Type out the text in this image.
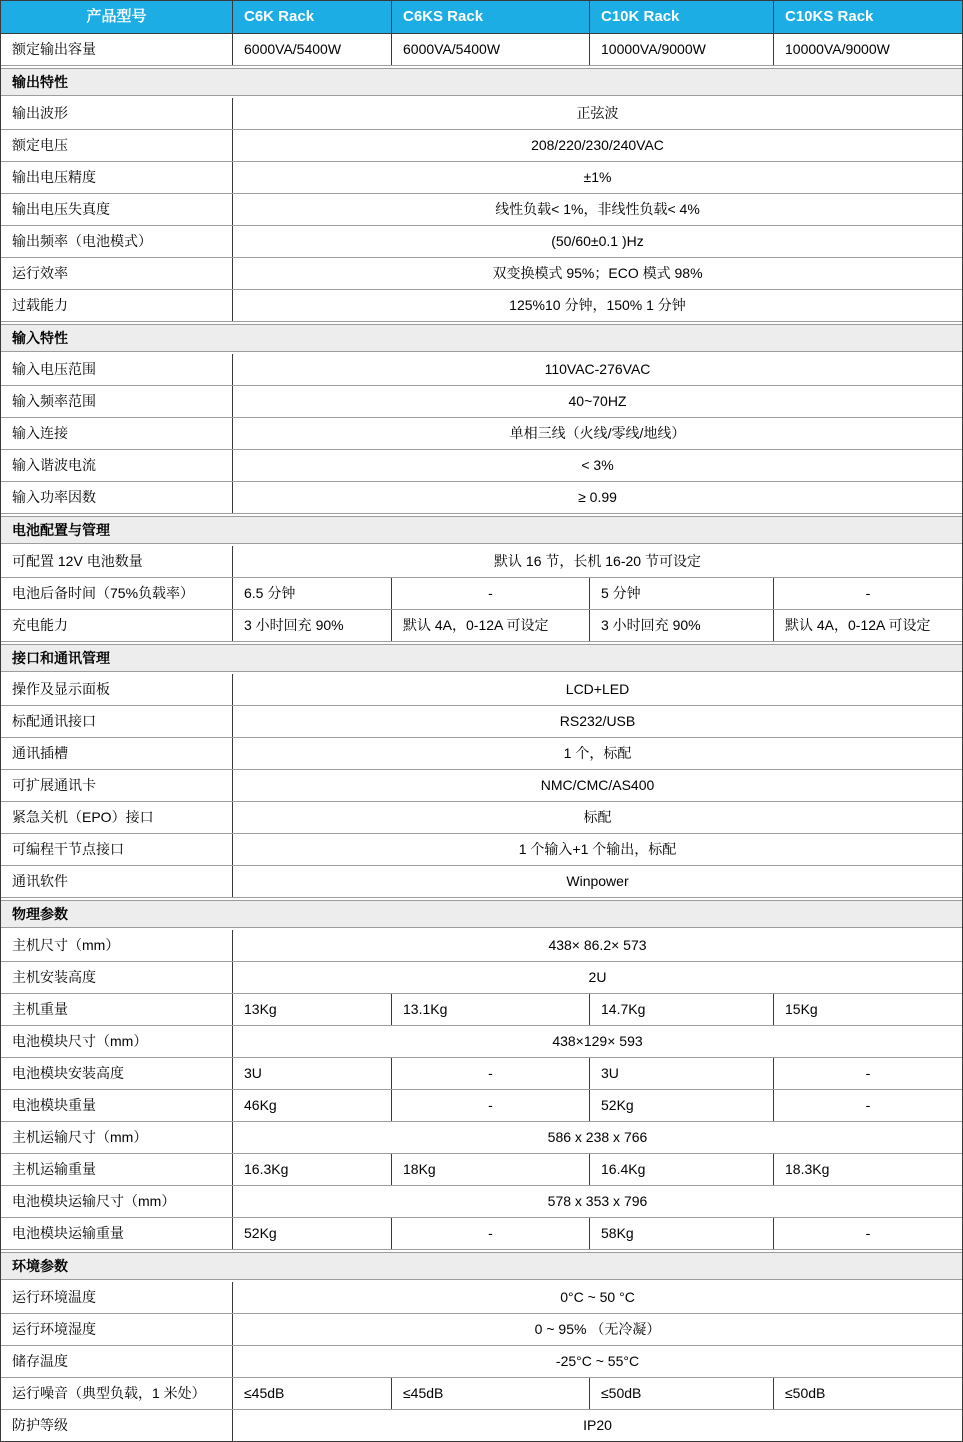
产品型号	C6K Rack	C6KS Rack	C10K Rack	C10KS Rack
额定输出容量	6000VA/5400W	6000VA/5400W	10000VA/9000W	10000VA/9000W
输出特性
输出波形	正弦波
额定电压	208/220/230/240VAC
输出电压精度	±1%
输出电压失真度	线性负载< 1%，非线性负载< 4%
输出频率（电池模式）	(50/60±0.1 )Hz
运行效率	双变换模式 95%；ECO 模式 98%
过载能力	125%10 分钟，150% 1 分钟
输入特性
输入电压范围	110VAC-276VAC
输入频率范围	40~70HZ
输入连接	单相三线（火线/零线/地线）
输入谐波电流	< 3%
输入功率因数	≥ 0.99
电池配置与管理
可配置 12V 电池数量	默认 16 节，长机 16-20 节可设定
电池后备时间（75%负载率）	6.5 分钟	-	5 分钟	-
充电能力	3 小时回充 90%	默认 4A，0-12A 可设定	3 小时回充 90%	默认 4A，0-12A 可设定
接口和通讯管理
操作及显示面板	LCD+LED
标配通讯接口	RS232/USB
通讯插槽	1 个，标配
可扩展通讯卡	NMC/CMC/AS400
紧急关机（EPO）接口	标配
可编程干节点接口	1 个输入+1 个输出，标配
通讯软件	Winpower
物理参数
主机尺寸（mm）	438× 86.2× 573
主机安装高度	2U
主机重量	13Kg	13.1Kg	14.7Kg	15Kg
电池模块尺寸（mm）	438×129× 593
电池模块安装高度	3U	-	3U	-
电池模块重量	46Kg	-	52Kg	-
主机运输尺寸（mm）	586 x 238 x 766
主机运输重量	16.3Kg	18Kg	16.4Kg	18.3Kg
电池模块运输尺寸（mm）	578 x 353 x 796
电池模块运输重量	52Kg	-	58Kg	-
环境参数
运行环境温度	0°C ~ 50 °C
运行环境湿度	0 ~ 95% （无冷凝）
储存温度	-25°C ~ 55°C
运行噪音（典型负载，1 米处）	≤45dB	≤45dB	≤50dB	≤50dB
防护等级	IP20
